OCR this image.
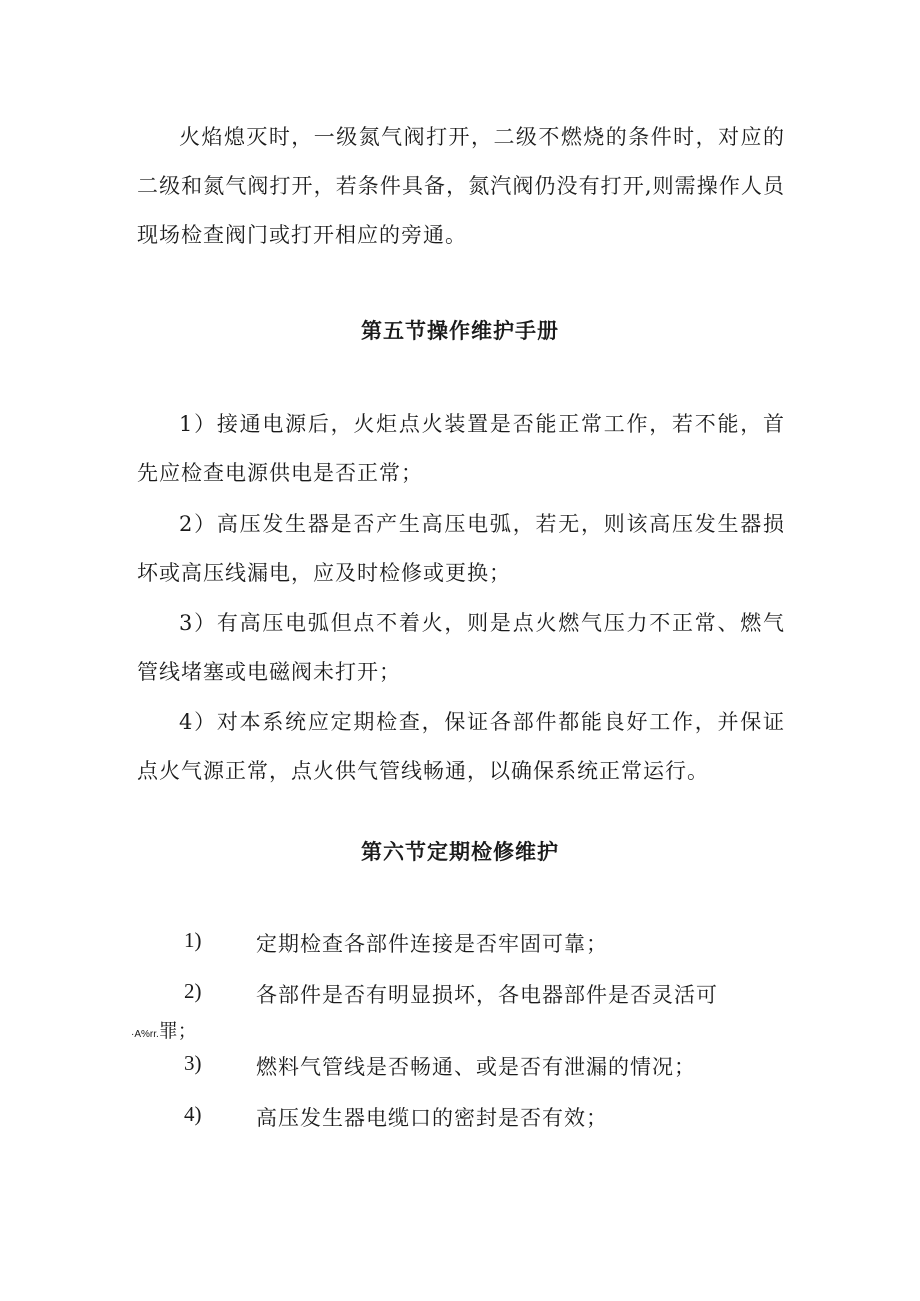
火焰熄灭时，一级氮气阀打开，二级不燃烧的条件时，对应的二级和氮气阀打开，若条件具备，氮汽阀仍没有打开,则需操作人员现场检查阀门或打开相应的旁通。

第五节操作维护手册

1）接通电源后，火炬点火装置是否能正常工作，若不能，首先应检查电源供电是否正常；

2）高压发生器是否产生高压电弧，若无，则该高压发生器损坏或高压线漏电，应及时检修或更换；

3）有高压电弧但点不着火，则是点火燃气压力不正常、燃气管线堵塞或电磁阀未打开；

4）对本系统应定期检查，保证各部件都能良好工作，并保证点火气源正常，点火供气管线畅通，以确保系统正常运行。

第六节定期检修维护
1)	定期检查各部件连接是否牢固可靠；
2)	各部件是否有明显损坏，各电器部件是否灵活可
·A%rr.罪；
3)	燃料气管线是否畅通、或是否有泄漏的情况；
4)	高压发生器电缆口的密封是否有效；
